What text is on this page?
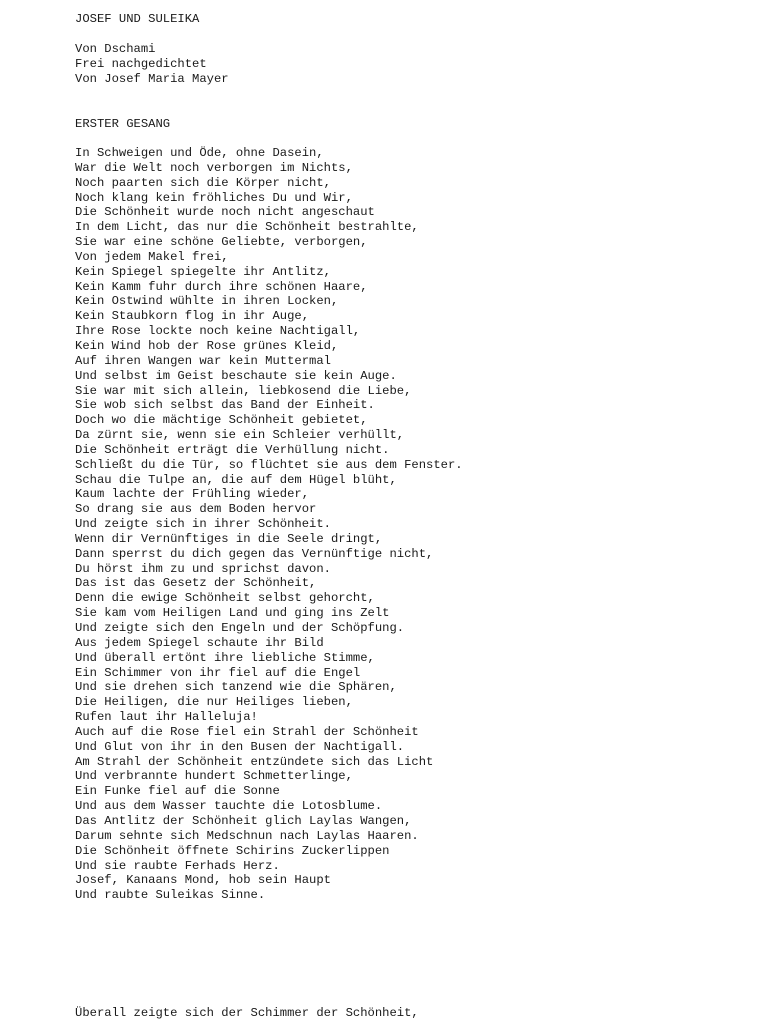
JOSEF UND SULEIKA
Von Dschami
Frei nachgedichtet
Von Josef Maria Mayer
ERSTER GESANG
In Schweigen und Öde, ohne Dasein,
War die Welt noch verborgen im Nichts,
Noch paarten sich die Körper nicht,
Noch klang kein fröhliches Du und Wir,
Die Schönheit wurde noch nicht angeschaut
In dem Licht, das nur die Schönheit bestrahlte,
Sie war eine schöne Geliebte, verborgen,
Von jedem Makel frei,
Kein Spiegel spiegelte ihr Antlitz,
Kein Kamm fuhr durch ihre schönen Haare,
Kein Ostwind wühlte in ihren Locken,
Kein Staubkorn flog in ihr Auge,
Ihre Rose lockte noch keine Nachtigall,
Kein Wind hob der Rose grünes Kleid,
Auf ihren Wangen war kein Muttermal
Und selbst im Geist beschaute sie kein Auge.
Sie war mit sich allein, liebkosend die Liebe,
Sie wob sich selbst das Band der Einheit.
Doch wo die mächtige Schönheit gebietet,
Da zürnt sie, wenn sie ein Schleier verhüllt,
Die Schönheit erträgt die Verhüllung nicht.
Schließt du die Tür, so flüchtet sie aus dem Fenster.
Schau die Tulpe an, die auf dem Hügel blüht,
Kaum lachte der Frühling wieder,
So drang sie aus dem Boden hervor
Und zeigte sich in ihrer Schönheit.
Wenn dir Vernünftiges in die Seele dringt,
Dann sperrst du dich gegen das Vernünftige nicht,
Du hörst ihm zu und sprichst davon.
Das ist das Gesetz der Schönheit,
Denn die ewige Schönheit selbst gehorcht,
Sie kam vom Heiligen Land und ging ins Zelt
Und zeigte sich den Engeln und der Schöpfung.
Aus jedem Spiegel schaute ihr Bild
Und überall ertönt ihre liebliche Stimme,
Ein Schimmer von ihr fiel auf die Engel
Und sie drehen sich tanzend wie die Sphären,
Die Heiligen, die nur Heiliges lieben,
Rufen laut ihr Halleluja!
Auch auf die Rose fiel ein Strahl der Schönheit
Und Glut von ihr in den Busen der Nachtigall.
Am Strahl der Schönheit entzündete sich das Licht
Und verbrannte hundert Schmetterlinge,
Ein Funke fiel auf die Sonne
Und aus dem Wasser tauchte die Lotosblume.
Das Antlitz der Schönheit glich Laylas Wangen,
Darum sehnte sich Medschnun nach Laylas Haaren.
Die Schönheit öffnete Schirins Zuckerlippen
Und sie raubte Ferhads Herz.
Josef, Kanaans Mond, hob sein Haupt
Und raubte Suleikas Sinne.
Überall zeigte sich der Schimmer der Schönheit,
